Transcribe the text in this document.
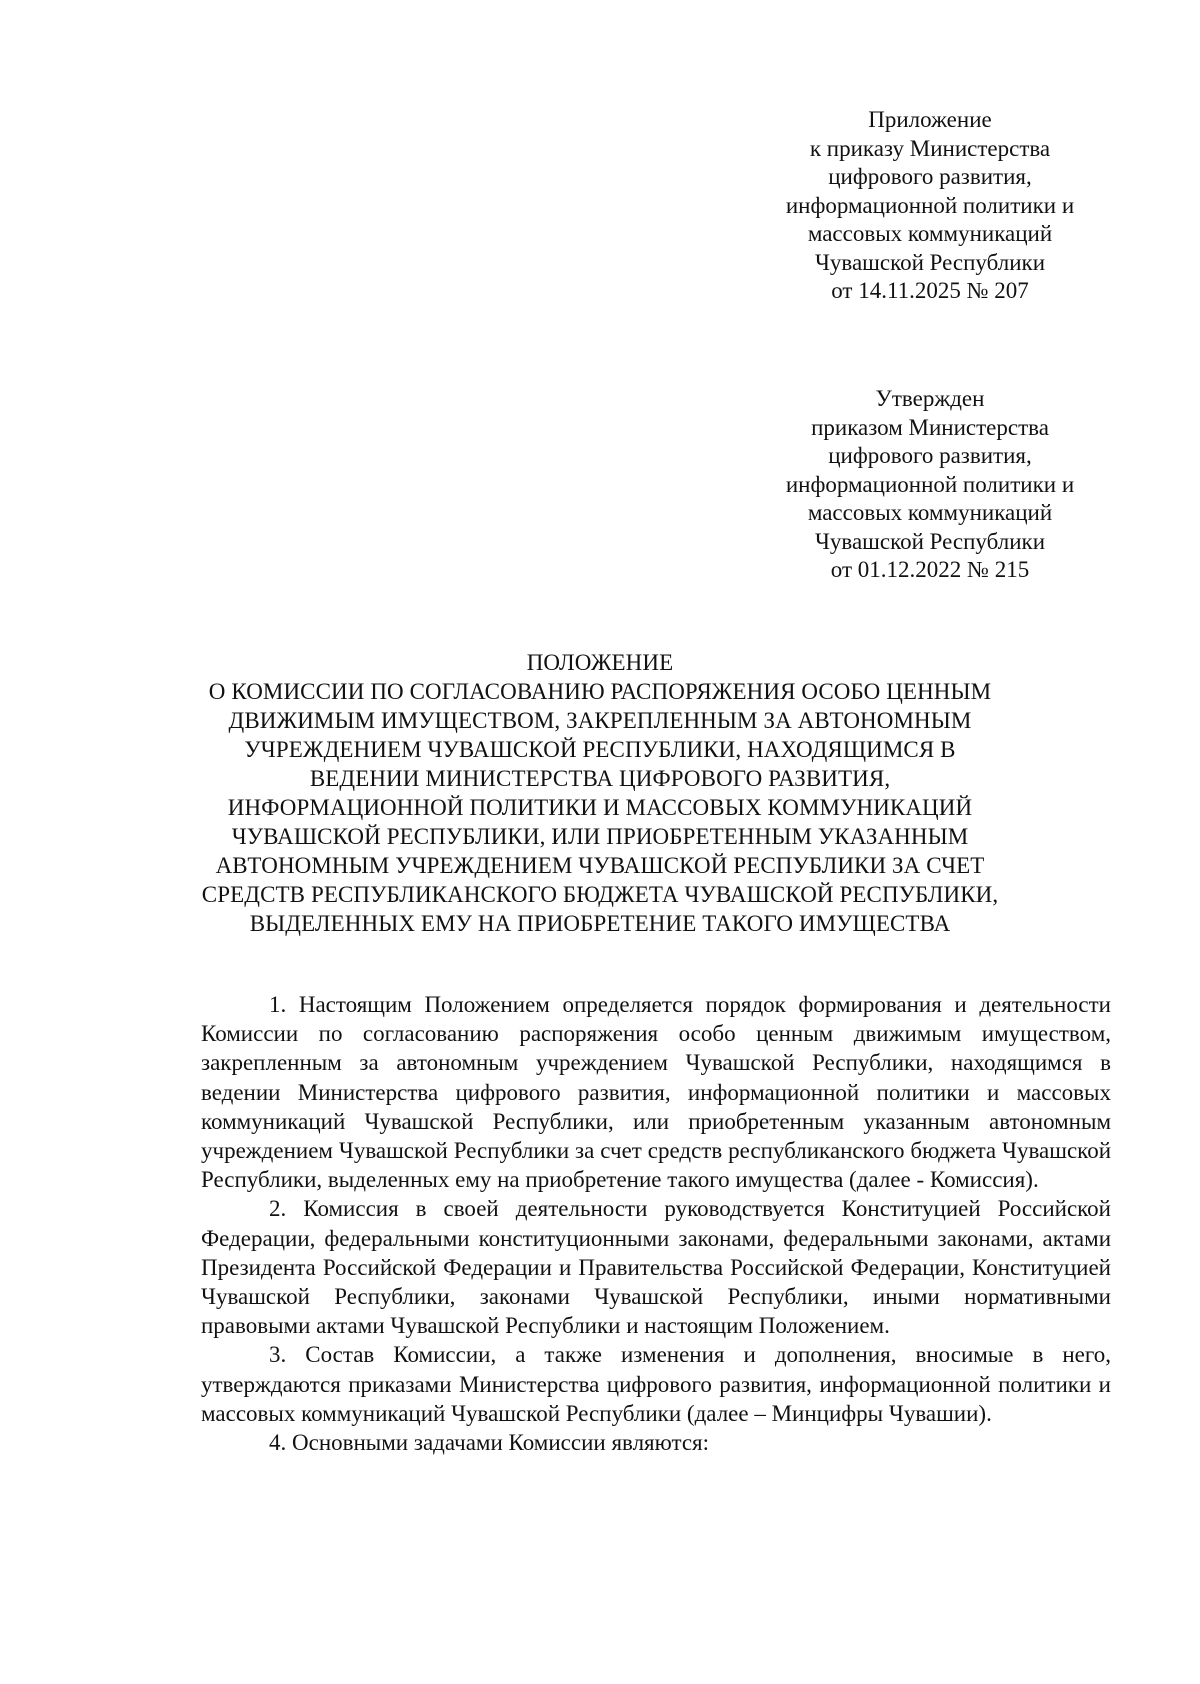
Приложение
к приказу Министерства
цифрового развития,
информационной политики и
массовых коммуникаций
Чувашской Республики
от 14.11.2025 № 207
Утвержден
приказом Министерства
цифрового развития,
информационной политики и
массовых коммуникаций
Чувашской Республики
от 01.12.2022 № 215
ПОЛОЖЕНИЕ
О КОМИССИИ ПО СОГЛАСОВАНИЮ РАСПОРЯЖЕНИЯ ОСОБО ЦЕННЫМ
ДВИЖИМЫМ ИМУЩЕСТВОМ, ЗАКРЕПЛЕННЫМ ЗА АВТОНОМНЫМ
УЧРЕЖДЕНИЕМ ЧУВАШСКОЙ РЕСПУБЛИКИ, НАХОДЯЩИМСЯ В
ВЕДЕНИИ МИНИСТЕРСТВА ЦИФРОВОГО РАЗВИТИЯ,
ИНФОРМАЦИОННОЙ ПОЛИТИКИ И МАССОВЫХ КОММУНИКАЦИЙ
ЧУВАШСКОЙ РЕСПУБЛИКИ, ИЛИ ПРИОБРЕТЕННЫМ УКАЗАННЫМ
АВТОНОМНЫМ УЧРЕЖДЕНИЕМ ЧУВАШСКОЙ РЕСПУБЛИКИ ЗА СЧЕТ
СРЕДСТВ РЕСПУБЛИКАНСКОГО БЮДЖЕТА ЧУВАШСКОЙ РЕСПУБЛИКИ,
ВЫДЕЛЕННЫХ ЕМУ НА ПРИОБРЕТЕНИЕ ТАКОГО ИМУЩЕСТВА

1. Настоящим Положением определяется порядок формирования и деятельности Комиссии по согласованию распоряжения особо ценным движимым имуществом, закрепленным за автономным учреждением Чувашской Республики, находящимся в ведении Министерства цифрового развития, информационной политики и массовых коммуникаций Чувашской Республики, или приобретенным указанным автономным учреждением Чувашской Республики за счет средств республиканского бюджета Чувашской Республики, выделенных ему на приобретение такого имущества (далее - Комиссия).

2. Комиссия в своей деятельности руководствуется Конституцией Российской Федерации, федеральными конституционными законами, федеральными законами, актами Президента Российской Федерации и Правительства Российской Федерации, Конституцией Чувашской Республики, законами Чувашской Республики, иными нормативными правовыми актами Чувашской Республики и настоящим Положением.

3. Состав Комиссии, а также изменения и дополнения, вносимые в него, утверждаются приказами Министерства цифрового развития, информационной политики и массовых коммуникаций Чувашской Республики (далее – Минцифры Чувашии).

4. Основными задачами Комиссии являются:
